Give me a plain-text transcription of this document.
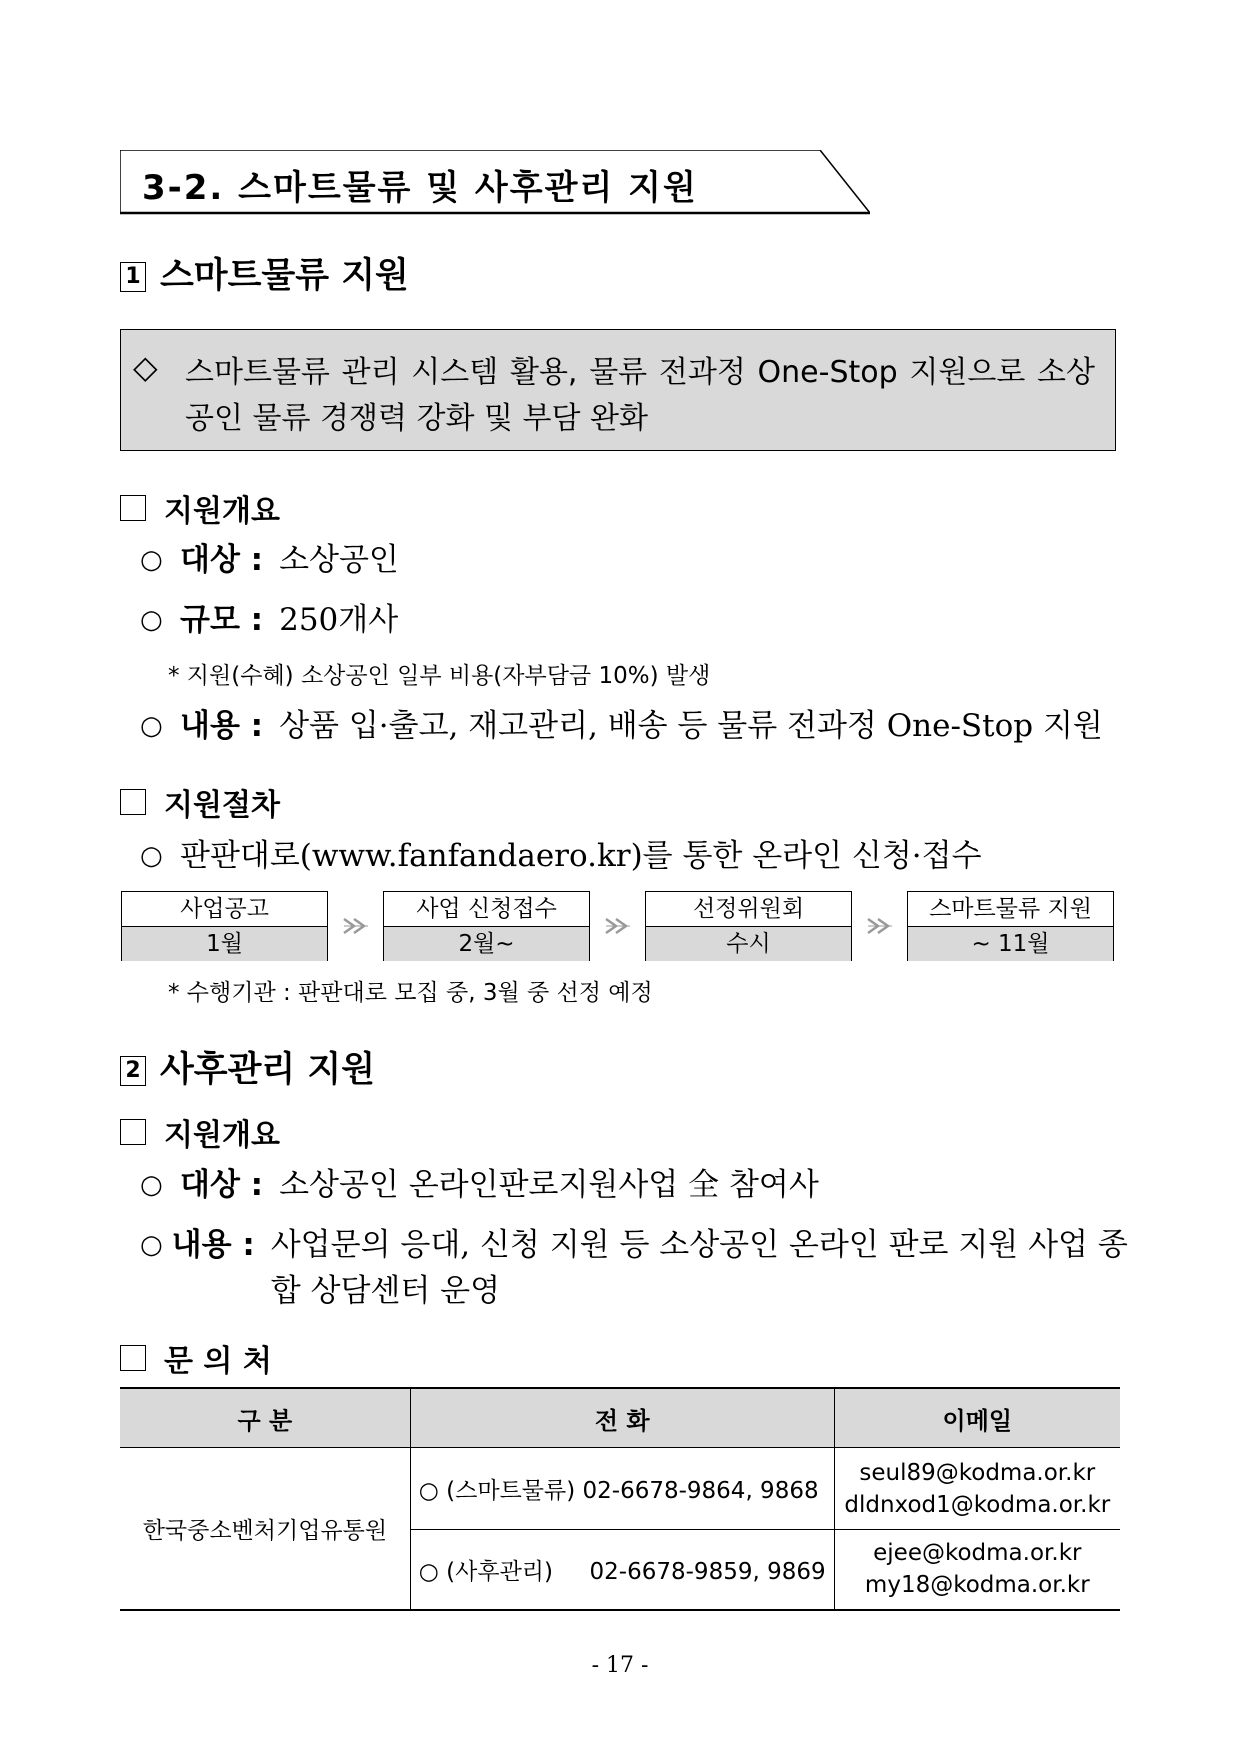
3-2. 스마트물류 및 사후관리 지원
1 스마트물류 지원
◇ 스마트물류 관리 시스템 활용, 물류 전과정 One-Stop 지원으로 소상공인 물류 경쟁력 강화 및 부담 완화
지원개요
○ 대상 : 소상공인
○ 규모 : 250개사
* 지원(수혜) 소상공인 일부 비용(자부담금 10%) 발생
○ 내용 : 상품 입·출고, 재고관리, 배송 등 물류 전과정 One-Stop 지원
지원절차
○ 판판대로(www.fanfandaero.kr)를 통한 온라인 신청·접수
사업공고
1월
사업 신청접수
2월~
선정위원회
수시
스마트물류 지원
~ 11월
* 수행기관 : 판판대로 모집 중, 3월 중 선정 예정
2 사후관리 지원
지원개요
○ 대상 : 소상공인 온라인판로지원사업 全 참여사
○ 내용 : 사업문의 응대, 신청 지원 등 소상공인 온라인 판로 지원 사업 종합 상담센터 운영
문 의 처
구 분	전 화	이메일
한국중소벤처기업유통원	○ (스마트물류) 02-6678-9864, 9868	seul89@kodma.or.kr
dldnxod1@kodma.or.kr

	○ (사후관리)     02-6678-9859, 9869	ejee@kodma.or.kr
my18@kodma.or.kr
- 17 -
